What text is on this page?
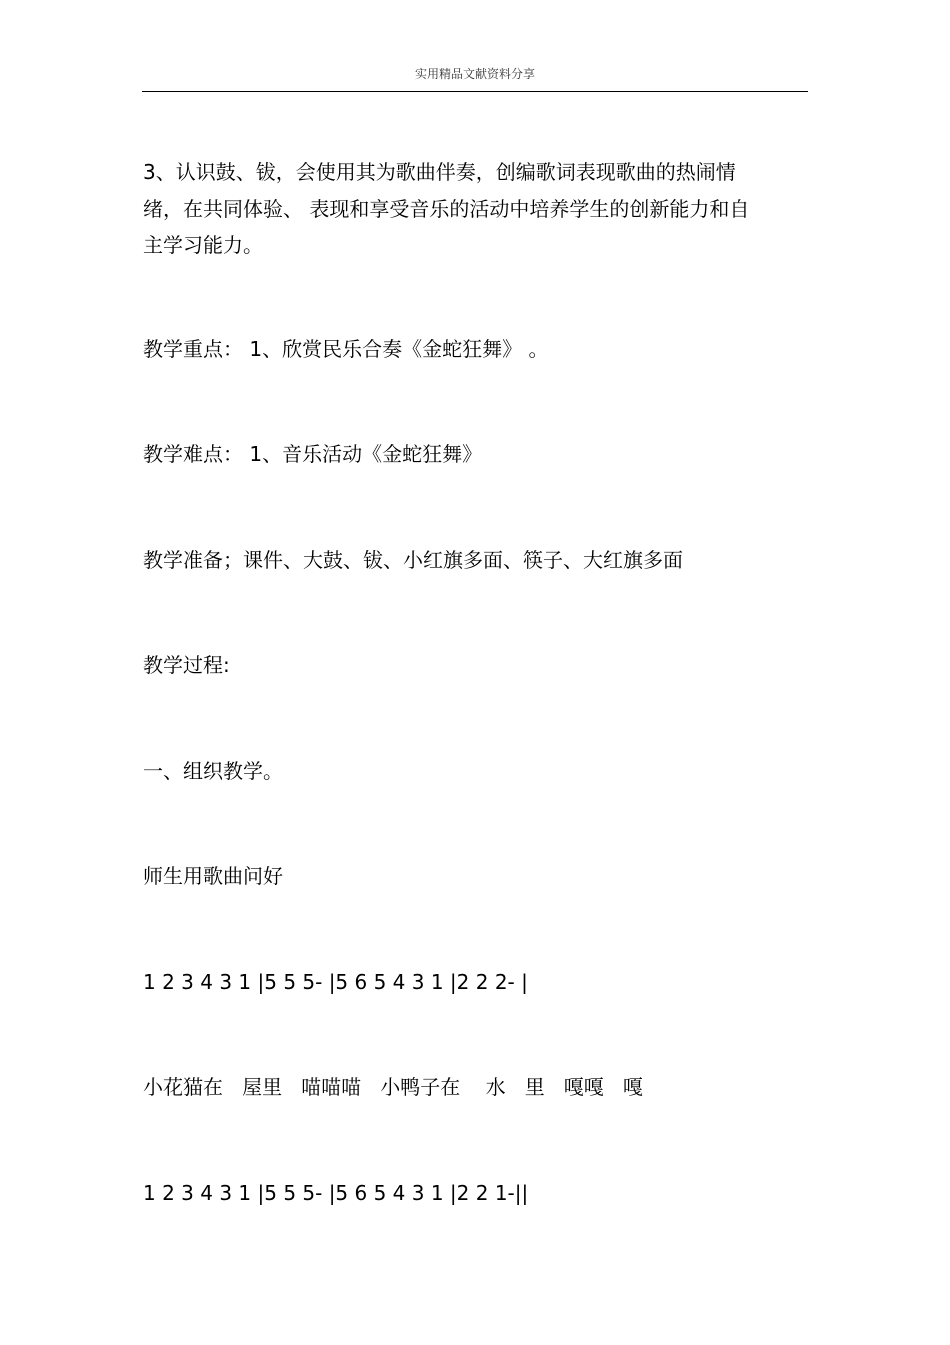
实用精品文献资料分享
3、认识鼓、钹，会使用其为歌曲伴奏，创编歌词表现歌曲的热闹情
绪，在共同体验、 表现和享受音乐的活动中培养学生的创新能力和自
主学习能力。
教学重点： 1、欣赏民乐合奏《金蛇狂舞》 。
教学难点： 1、音乐活动《金蛇狂舞》
教学准备；课件、大鼓、钹、小红旗多面、筷子、大红旗多面
教学过程:
一、组织教学。
师生用歌曲问好
1 2 3 4 3 1 |5 5 5- |5 6 5 4 3 1 |2 2 2- |
小花猫在   屋里   喵喵喵   小鸭子在    水   里   嘎嘎   嘎
1 2 3 4 3 1 |5 5 5- |5 6 5 4 3 1 |2 2 1-||
